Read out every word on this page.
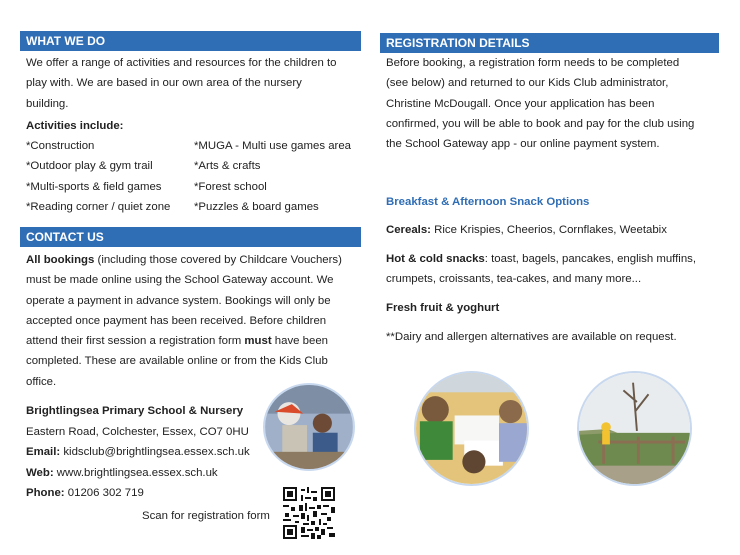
WHAT WE DO
We offer a range of activities and resources for the children to
play with. We are based in our own area of the nursery
building.
Activities include:
*Construction
*Outdoor play & gym trail
*Multi-sports & field games
*Reading corner / quiet zone
*MUGA - Multi use games area
*Arts & crafts
*Forest school
*Puzzles & board games
CONTACT US
All bookings (including those covered by Childcare Vouchers)
must be made online using the School Gateway account. We
operate a payment in advance system. Bookings will only be
accepted once payment has been received. Before children
attend their first session a registration form must have been
completed. These are available online or from the Kids Club
office.
Brightlingsea Primary School & Nursery
Eastern Road, Colchester, Essex, CO7 0HU
Email: kidsclub@brightlingsea.essex.sch.uk
Web: www.brightlingsea.essex.sch.uk
Phone: 01206 302 719
Scan for registration form
REGISTRATION DETAILS
Before booking, a registration form needs to be completed
(see below) and returned to our Kids Club administrator,
Christine McDougall. Once your application has been
confirmed, you will be able to book and pay for the club using
the School Gateway app - our online payment system.
Breakfast & Afternoon Snack Options
Cereals: Rice Krispies, Cheerios, Cornflakes, Weetabix
Hot & cold snacks: toast, bagels, pancakes, english muffins,
crumpets, croissants, tea-cakes, and many more...
Fresh fruit & yoghurt
**Dairy and allergen alternatives are available on request.
